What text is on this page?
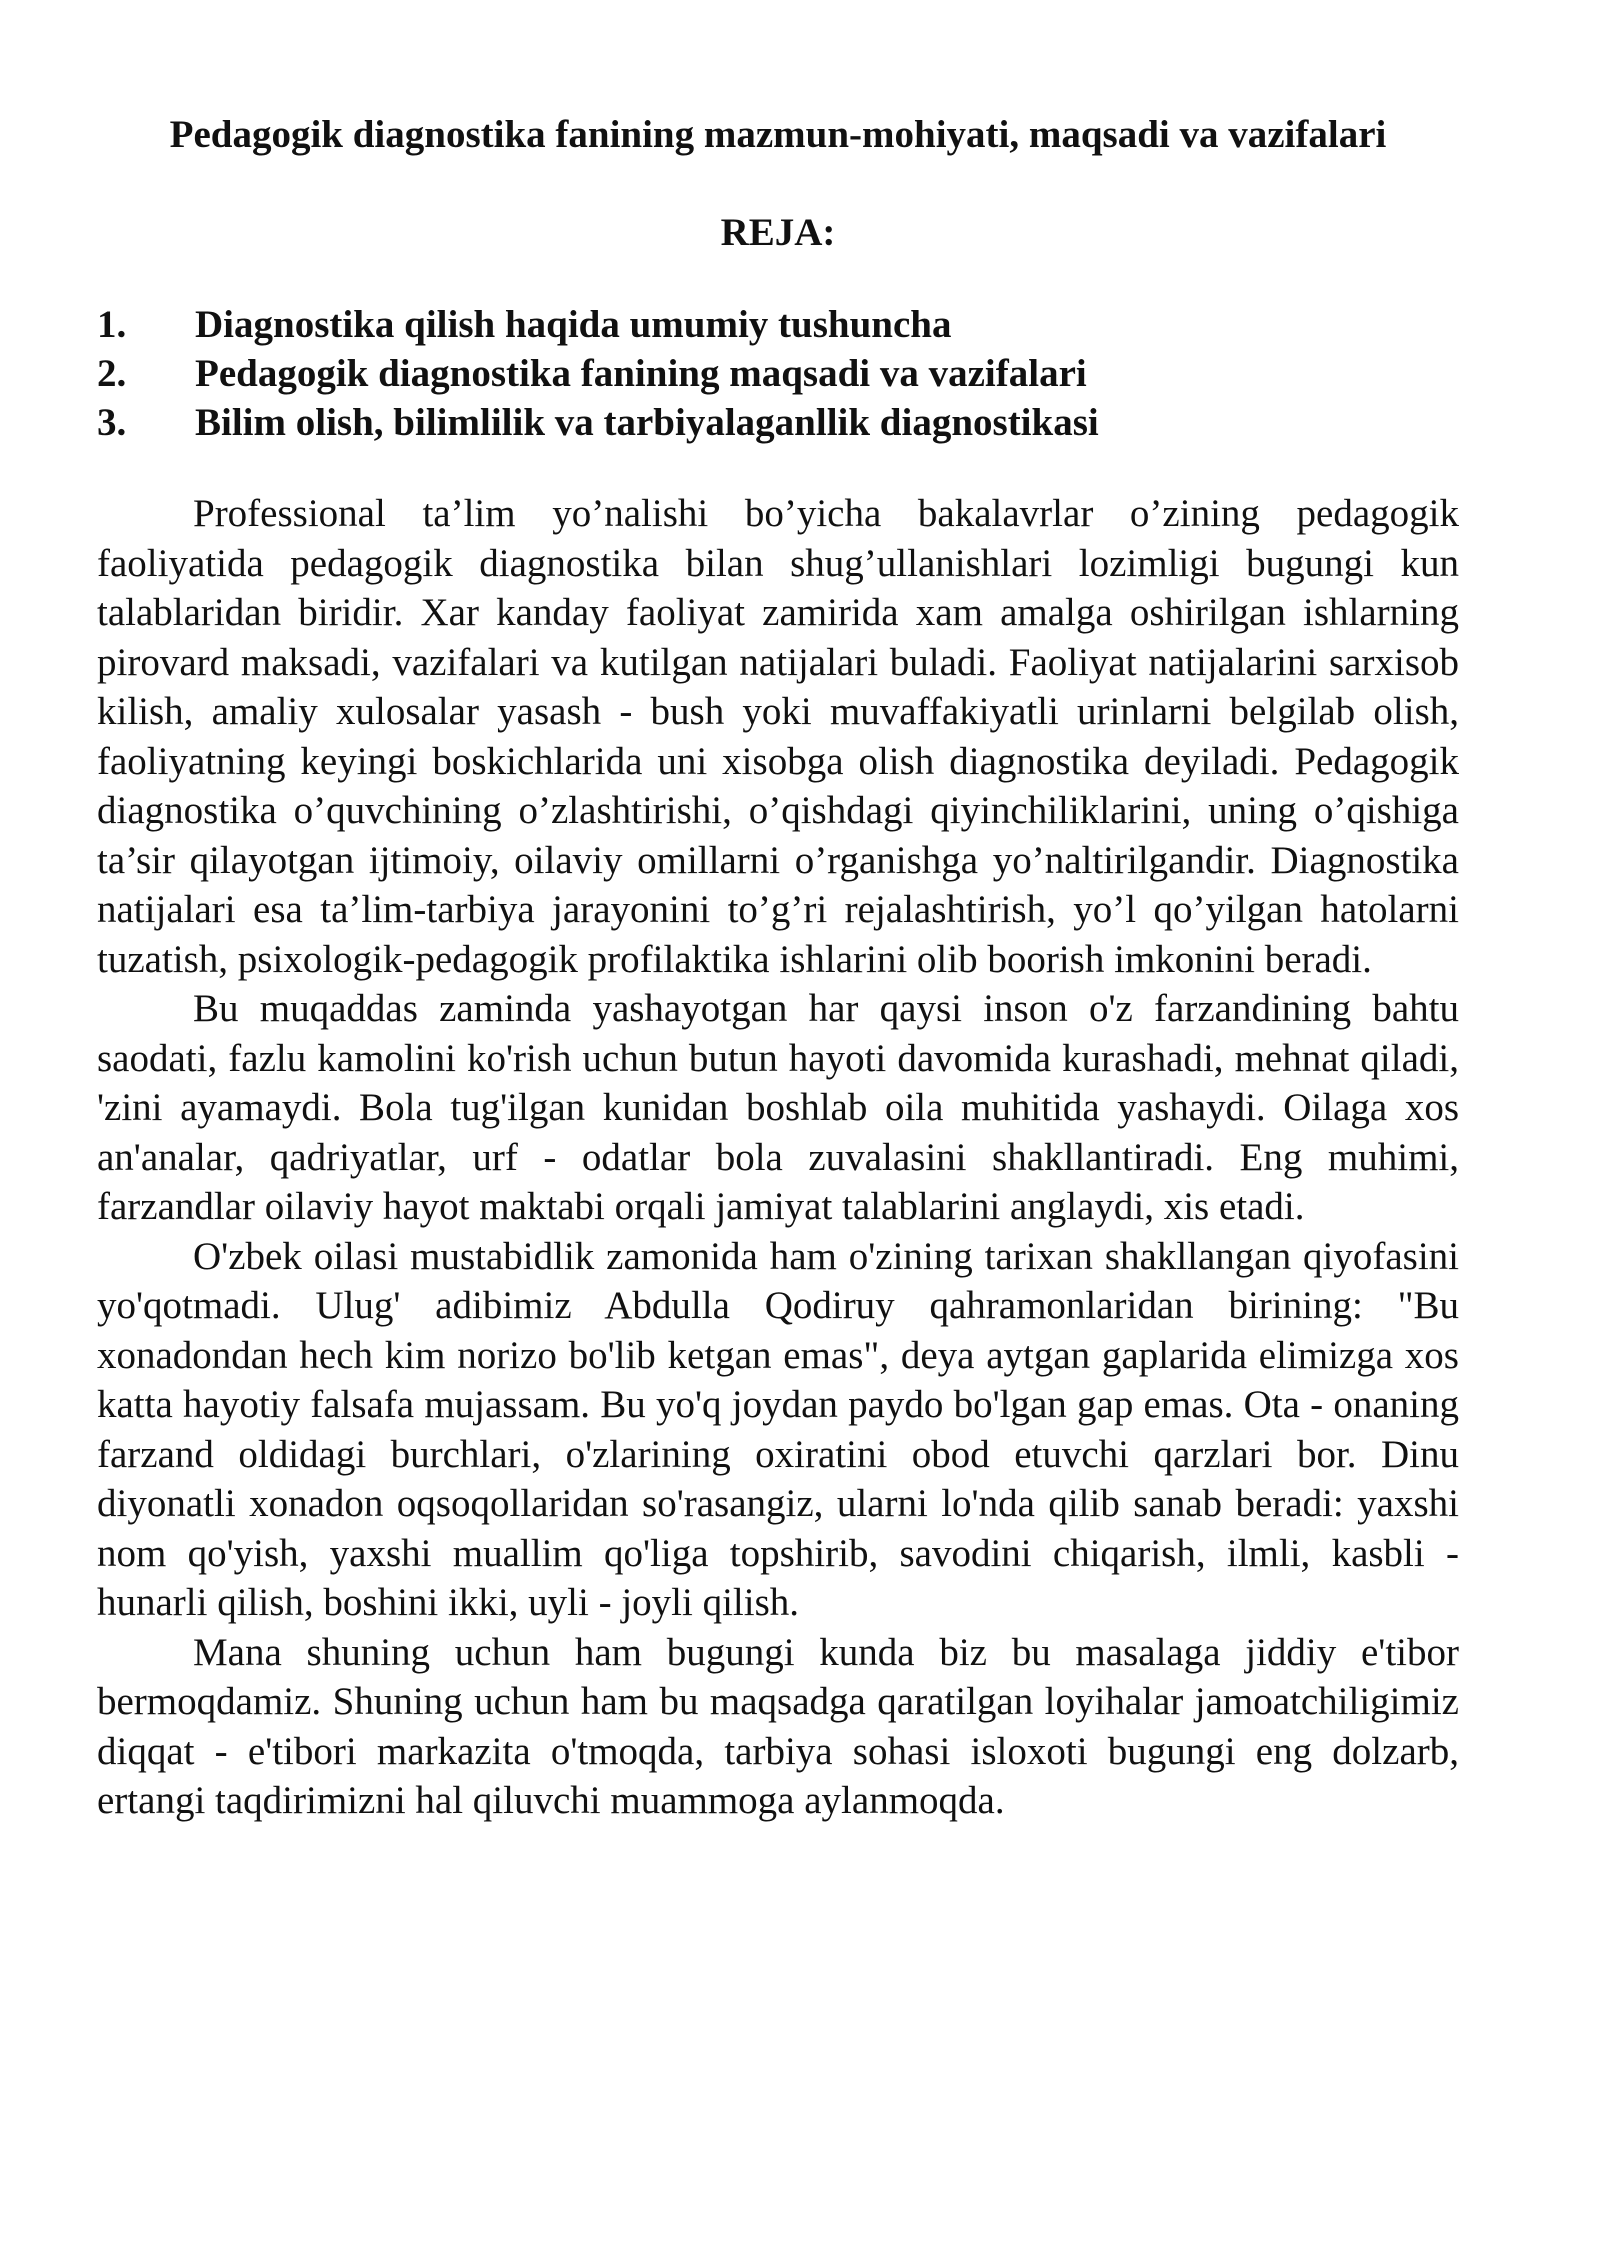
Pedagogik diagnostika fanining mazmun-mohiyati, maqsadi va vazifalari
REJA:
1.	Diagnostika qilish haqida umumiy tushuncha
2.	Pedagogik diagnostika fanining maqsadi va vazifalari
3.	Bilim olish, bilimlilik va tarbiyalaganllik diagnostikasi

Professional ta’lim yo’nalishi bo’yicha bakalavrlar o’zining pedagogik faoliyatida pedagogik diagnostika bilan shug’ullanishlari lozimligi bugungi kun talablaridan biridir. Xar kanday faoliyat zamirida xam amalga oshirilgan ishlarning pirovard maksadi, vazifalari va kutilgan natijalari buladi. Faoliyat natijalarini sarxisob kilish, amaliy xulosalar yasash - bush yoki muvaffakiyatli urinlarni belgilab olish, faoliyatning keyingi boskichlarida uni xisobga olish diagnostika deyiladi. Pedagogik diagnostika o’quvchining o’zlashtirishi, o’qishdagi qiyinchiliklarini, uning o’qishiga ta’sir qilayotgan ijtimoiy, oilaviy omillarni o’rganishga yo’naltirilgandir. Diagnostika natijalari esa ta’lim-tarbiya jarayonini to’g’ri rejalashtirish, yo’l qo’yilgan hatolarni tuzatish, psixologik-pedagogik profilaktika ishlarini olib boorish imkonini beradi.

Bu muqaddas zaminda yashayotgan har qaysi inson o'z farzandining bahtu saodati, fazlu kamolini ko'rish uchun butun hayoti davomida kurashadi, mehnat qiladi, 'zini ayamaydi. Bola tug'ilgan kunidan boshlab oila muhitida yashaydi. Oilaga xos an'analar, qadriyatlar, urf - odatlar bola zuvalasini shakllantiradi. Eng muhimi, farzandlar oilaviy hayot maktabi orqali jamiyat talablarini anglaydi, xis etadi.

O'zbek oilasi mustabidlik zamonida ham o'zining tarixan shakllangan qiyofasini yo'qotmadi. Ulug' adibimiz Abdulla Qodiruy qahramonlaridan birining: "Bu xonadondan hech kim norizo bo'lib ketgan emas", deya aytgan gaplarida elimizga xos katta hayotiy falsafa mujassam. Bu yo'q joydan paydo bo'lgan gap emas. Ota - onaning farzand oldidagi burchlari, o'zlarining oxiratini obod etuvchi qarzlari bor. Dinu diyonatli xonadon oqsoqollaridan so'rasangiz, ularni lo'nda qilib sanab beradi: yaxshi nom qo'yish, yaxshi muallim qo'liga topshirib, savodini chiqarish, ilmli, kasbli - hunarli qilish, boshini ikki, uyli - joyli qilish.

Mana shuning uchun ham bugungi kunda biz bu masalaga jiddiy e'tibor bermoqdamiz. Shuning uchun ham bu maqsadga qaratilgan loyihalar jamoatchiligimiz diqqat - e'tibori markazita o'tmoqda, tarbiya sohasi isloxoti bugungi eng dolzarb, ertangi taqdirimizni hal qiluvchi muammoga aylanmoqda.
